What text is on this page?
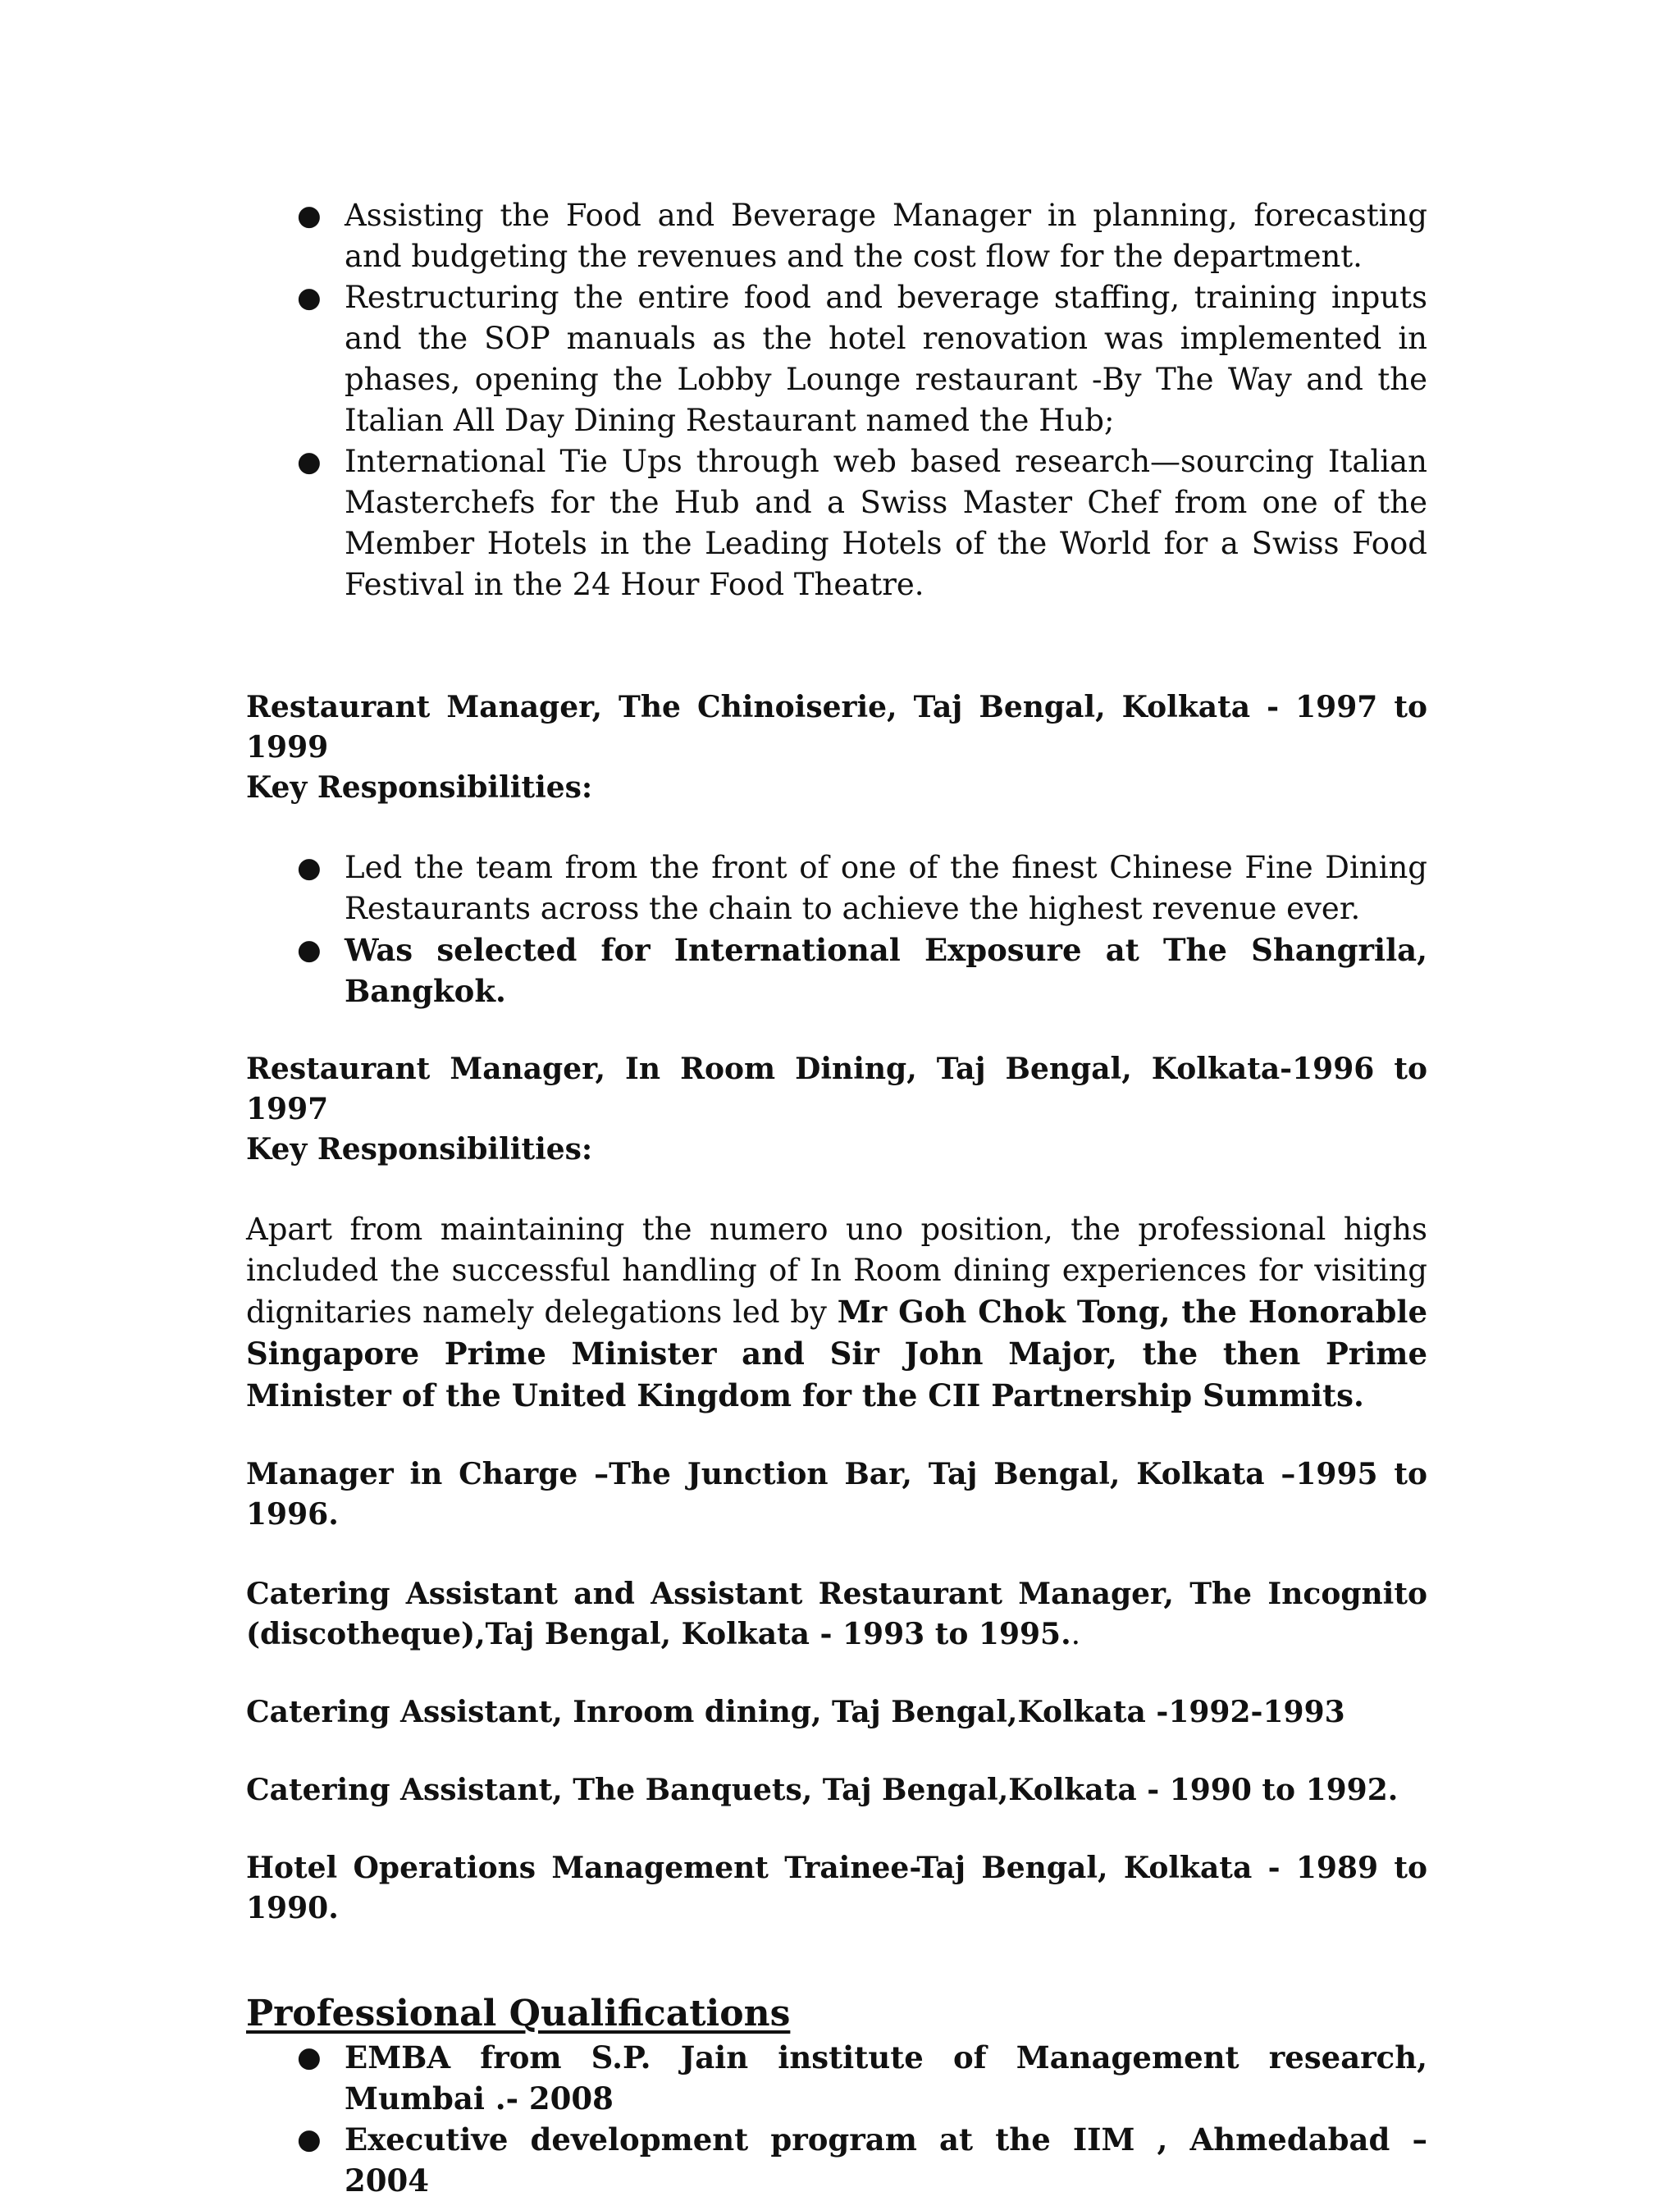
● Assisting the Food and Beverage Manager in planning, forecasting and budgeting the revenues and the cost flow for the department.
● Restructuring the entire food and beverage staffing, training inputs and the SOP manuals as the hotel renovation was implemented in phases, opening the Lobby Lounge restaurant -By The Way and the Italian All Day Dining Restaurant named the Hub;
● International Tie Ups through web based research—sourcing Italian Masterchefs for the Hub and a Swiss Master Chef from one of the Member Hotels in the Leading Hotels of the World for a Swiss Food Festival in the 24 Hour Food Theatre.
Restaurant Manager, The Chinoiserie, Taj Bengal, Kolkata - 1997 to 1999
Key Responsibilities:
● Led the team from the front of one of the finest Chinese Fine Dining Restaurants across the chain to achieve the highest revenue ever.
● Was selected for International Exposure at The Shangrila, Bangkok.
Restaurant Manager, In Room Dining, Taj Bengal, Kolkata-1996 to 1997
Key Responsibilities:
Apart from maintaining the numero uno position, the professional highs included the successful handling of In Room dining experiences for visiting dignitaries namely delegations led by Mr Goh Chok Tong, the Honorable Singapore Prime Minister and Sir John Major, the then Prime Minister of the United Kingdom for the CII Partnership Summits.
Manager in Charge –The Junction Bar, Taj Bengal, Kolkata –1995 to 1996.
Catering Assistant and Assistant Restaurant Manager, The Incognito (discotheque),Taj Bengal, Kolkata - 1993 to 1995..
Catering Assistant, Inroom dining, Taj Bengal,Kolkata -1992-1993
Catering Assistant, The Banquets, Taj Bengal,Kolkata - 1990 to 1992.
Hotel Operations Management Trainee-Taj Bengal, Kolkata - 1989 to 1990.
Professional Qualifications
● EMBA from S.P. Jain institute of Management research, Mumbai .- 2008
● Executive development program at the IIM , Ahmedabad – 2004
